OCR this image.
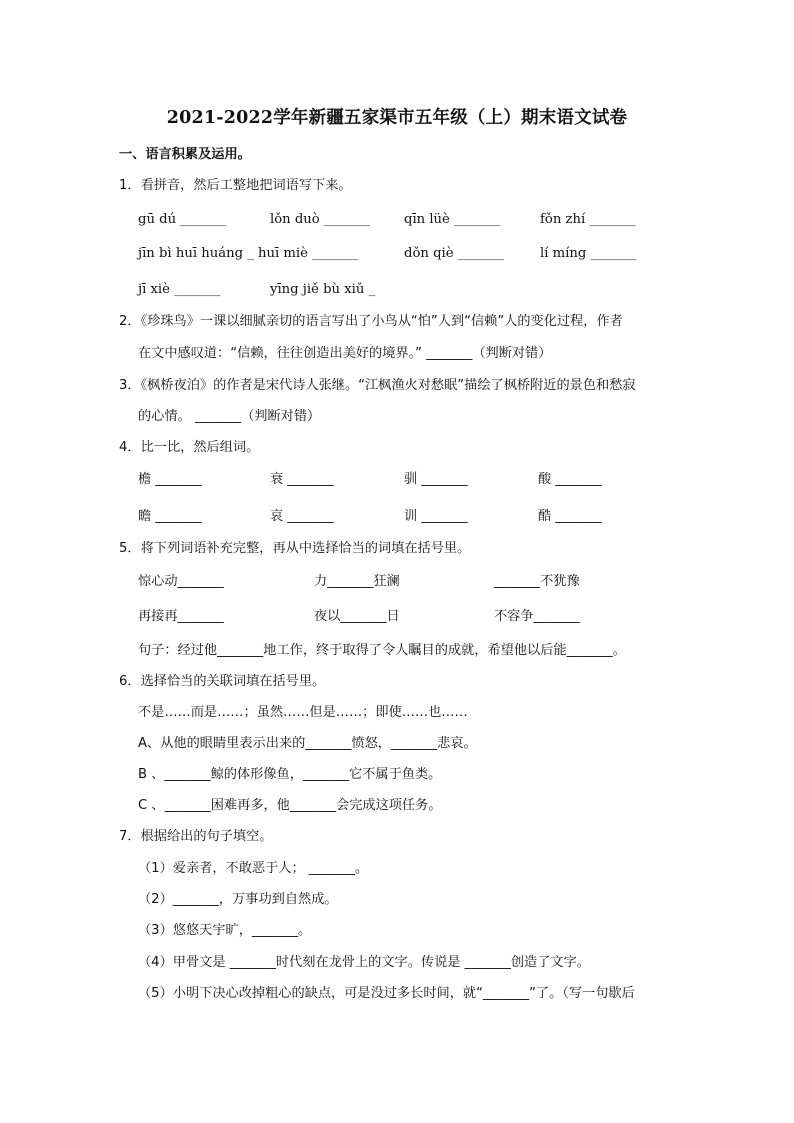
2021-2022学年新疆五家渠市五年级（上）期末语文试卷
一、语言积累及运用。
1．看拼音，然后工整地把词语写下来。
gū dú _______	lǒn duò _______	qīn lüè _______	fǒn zhí _______
jīn bì huī huáng _ huī miè _______	dǒn qiè _______	lí míng _______
jī xiè _______	yīng jiě bù xiǔ _
2．《珍珠鸟》一课以细腻亲切的语言写出了小鸟从“怕”人到“信赖”人的变化过程，作者
在文中感叹道：“信赖，往往创造出美好的境界。” _______（判断对错）
3．《枫桥夜泊》的作者是宋代诗人张继。“江枫渔火对愁眠”描绘了枫桥附近的景色和愁寂
的心情。 _______（判断对错）
4．比一比，然后组词。
檐 _______	衰 _______	驯 _______	酸 _______
瞻 _______	哀 _______	训 _______	酷 _______
5．将下列词语补充完整，再从中选择恰当的词填在括号里。
惊心动_______	力_______狂澜	_______不犹豫
再接再_______	夜以_______日	不容争_______
句子：经过他_______地工作，终于取得了令人瞩目的成就，希望他以后能_______。
6．选择恰当的关联词填在括号里。
不是……而是……；虽然……但是……；即使……也……
A、从他的眼睛里表示出来的_______愤怒，_______悲哀。
B 、_______鲸的体形像鱼，_______它不属于鱼类。
C 、_______困难再多，他_______会完成这项任务。
7．根据给出的句子填空。
（1）爱亲者，不敢恶于人； _______。
（2）_______，万事功到自然成。
（3）悠悠天宇旷，_______。
（4）甲骨文是 _______时代刻在龙骨上的文字。传说是 _______创造了文字。
（5）小明下决心改掉粗心的缺点，可是没过多长时间，就“_______”了。（写一句歇后
